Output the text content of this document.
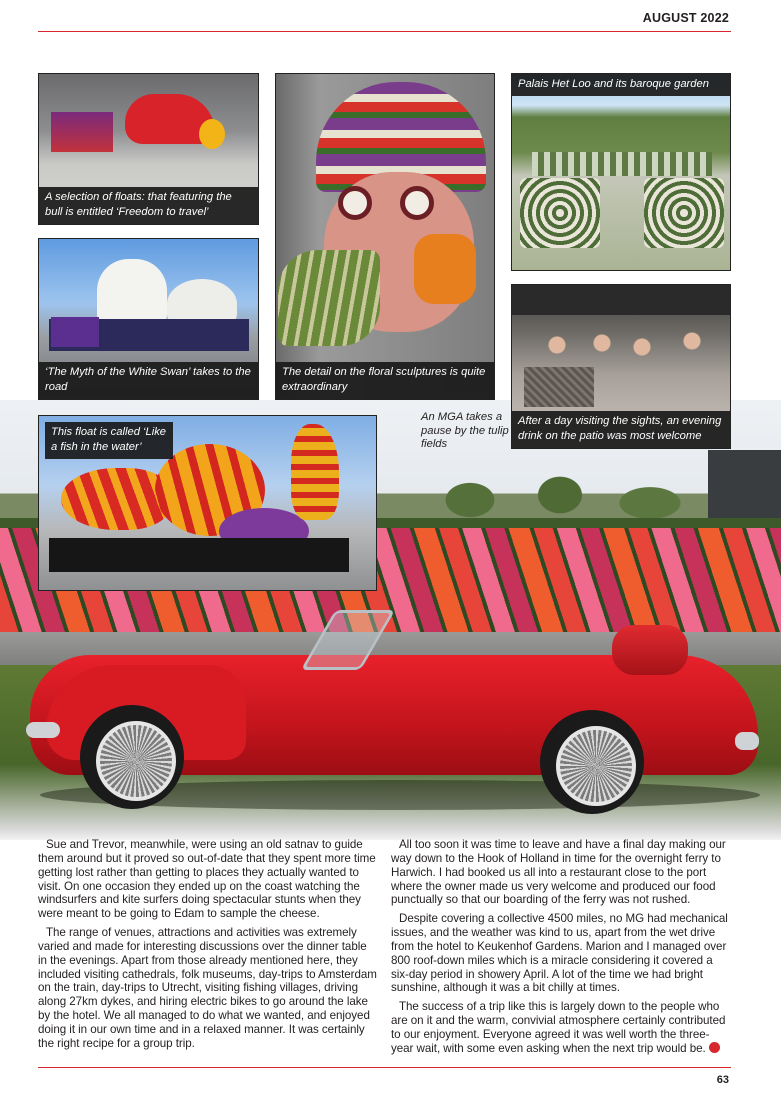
AUGUST 2022
A selection of floats: that featuring the bull is entitled ‘Freedom to travel’
‘The Myth of the White Swan’ takes to the road
The detail on the floral sculptures is quite extraordinary
Palais Het Loo and its baroque garden
After a day visiting the sights, an evening drink on the patio was most welcome
This float is called ‘Like a fish in the water’
An MGA takes a pause by the tulip fields

Sue and Trevor, meanwhile, were using an old satnav to guide them around but it proved so out-of-date that they spent more time getting lost rather than getting to places they actually wanted to visit. On one occasion they ended up on the coast watching the windsurfers and kite surfers doing spectacular stunts when they were meant to be going to Edam to sample the cheese.

The range of venues, attractions and activities was extremely varied and made for interesting discussions over the dinner table in the evenings. Apart from those already mentioned here, they included visiting cathedrals, folk museums, day-trips to Amsterdam on the train, day-trips to Utrecht, visiting fishing villages, driving along 27km dykes, and hiring electric bikes to go around the lake by the hotel. We all managed to do what we wanted, and enjoyed doing it in our own time and in a relaxed manner. It was certainly the right recipe for a group trip.

All too soon it was time to leave and have a final day making our way down to the Hook of Holland in time for the overnight ferry to Harwich. I had booked us all into a restaurant close to the port where the owner made us very welcome and produced our food punctually so that our boarding of the ferry was not rushed.

Despite covering a collective 4500 miles, no MG had mechanical issues, and the weather was kind to us, apart from the wet drive from the hotel to Keukenhof Gardens. Marion and I managed over 800 roof-down miles which is a miracle considering it covered a six-day period in showery April. A lot of the time we had bright sunshine, although it was a bit chilly at times.

The success of a trip like this is largely down to the people who are on it and the warm, convivial atmosphere certainly contributed to our enjoyment. Everyone agreed it was well worth the three-year wait, with some even asking when the next trip would be.

63
